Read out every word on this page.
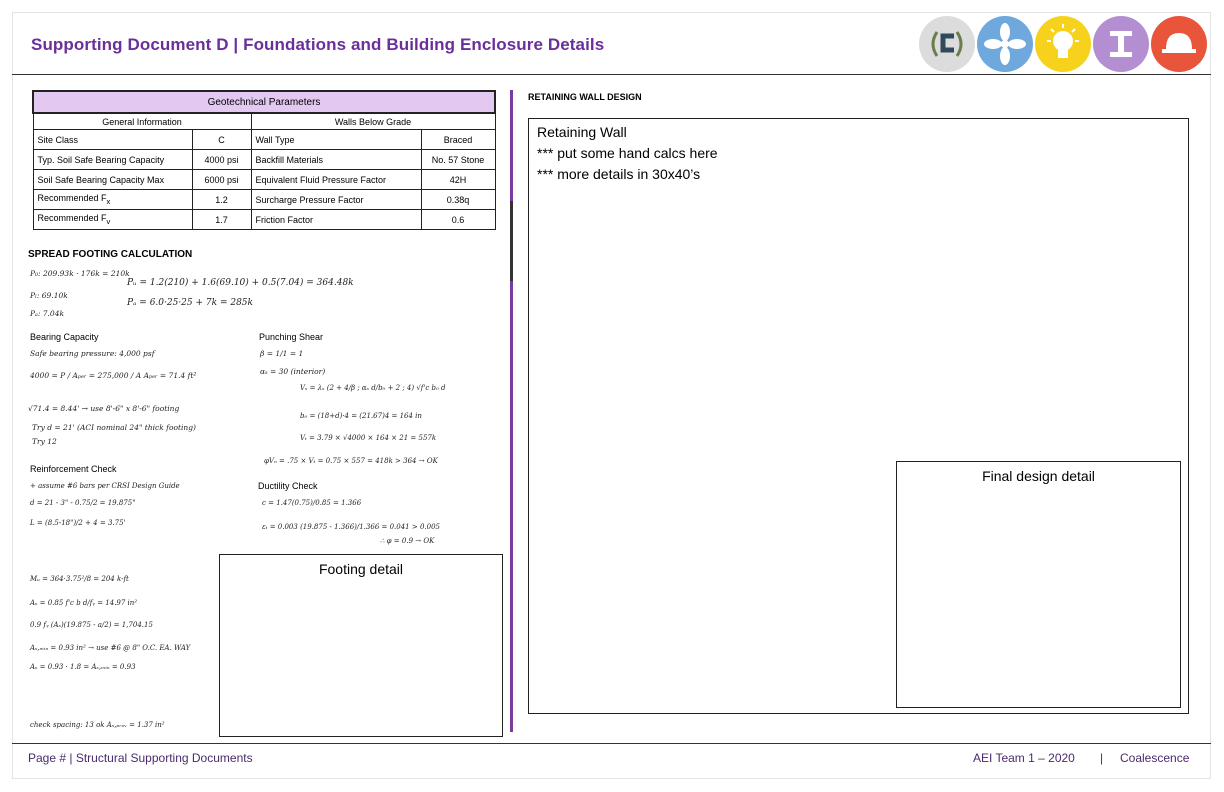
Supporting Document D | Foundations and Building Enclosure Details
Geotechnical Parameters			
General Information		Walls Below Grade	
Site Class	C	Wall Type	Braced
Typ. Soil Safe Bearing Capacity	4000 psi	Backfill Materials	No. 57 Stone
Soil Safe Bearing Capacity Max	6000 psi	Equivalent Fluid Pressure Factor	42H
Recommended $F_x$	1.2	Surcharge Pressure Factor	0.38q
Recommended $F_v$	1.7	Friction Factor	0.6
SPREAD FOOTING CALCULATION
P₀: 209.93k · 176k = 210k
Pₗ: 69.10k
Pₐ: 7.04k
Pᵤ = 1.2(210) + 1.6(69.10) + 0.5(7.04) = 364.48k
Pₐ = 6.0·25·25 + 7k = 285k
Bearing Capacity
Safe bearing pressure: 4,000 psf
4000 = P / Aₚₑᵣ = 275,000 / A Aₚₑᵣ = 71.4 ft²
√71.4 = 8.44' → use 8'-6" x 8'-6" footing
Try d = 21' (ACI nominal 24" thick footing)
Try 12
Punching Shear
β = 1/1 = 1
αₛ = 30 (interior)
Vₛ = λₛ (2 + 4/β ; αₛ d/b₀ + 2 ; 4) √f'c b₀ d
b₀ = (18+d)·4 = (21.67)4 = 164 in
Vₜ = 3.79 × √4000 × 164 × 21 = 557k
φVₙ = .75 × Vₜ = 0.75 × 557 = 418k > 364 → OK
Reinforcement Check
+ assume #6 bars per CRSI Design Guide
d = 21 - 3" - 0.75/2 = 19.875"
L = (8.5-18")/2 + 4 = 3.75'
Mᵤ = 364·3.75²/8 = 204 k-ft
Aₛ = 0.85 f'c b d/fᵧ = 14.97 in²
0.9 fᵧ (Aₛ)(19.875 - a/2) = 1,704.15
Aₛ,ₘᵢₙ = 0.93 in² → use #6 @ 8" O.C. EA. WAY
Aₛ = 0.93 · 1.8 = Aₛ,ₘᵢₙ = 0.93
check spacing: 13 ok Aₛ,ₚᵣₒᵥ = 1.37 in²
Ductility Check
c = 1.47(0.75)/0.85 = 1.366
εₜ = 0.003 (19.875 - 1.366)/1.366 = 0.041 > 0.005
∴ φ = 0.9 → OK
Footing detail
RETAINING WALL DESIGN
Retaining Wall
*** put some hand calcs here
*** more details in 30x40’s
Final design detail
Page # | Structural Supporting Documents	AEI Team 1 – 2020 | Coalescence
